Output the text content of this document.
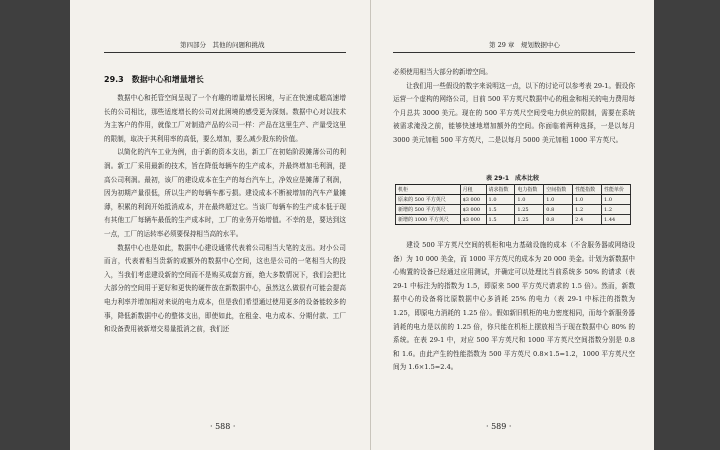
第四部分　其他的问题和挑战
29.3　数据中心和增量增长

数据中心和托管空间呈现了一个有趣的增量增长困境，与正在快速成超高速增长的公司相比，那些适度增长的公司对此困境的感受更为深刻。数据中心对以技术为主客户的作用，就像工厂对制造产品的公司一样：产品在这里生产、产量受这里的限制，取决于其利用率的高低，要么增加，要么减少股东的价值。

以简化的汽车工业为例，由于新的资本支出，新工厂在初始阶段摊薄公司的利润。新工厂采用最新的技术，旨在降低每辆车的生产成本，并最终增加毛利润，提高公司利润。最初，该厂的建设成本在生产的每台汽车上，净效应是摊薄了利润，因为初期产量很低，所以生产的每辆车都亏损。建设成本不断被增加的汽车产量摊薄，积累的利润开始抵消成本，并在最终超过它。当该厂每辆车的生产成本低于现有其他工厂每辆车最低的生产成本时，工厂的业务开始增值。不幸的是，要达到这一点，工厂的运转率必须要保持相当高的水平。

数据中心也是如此，数据中心建设通常代表着公司相当大笔的支出。对小公司而言，代表着相当贵新的或额外的数据中心空间，这也是公司的一笔相当大的投入，当我们考虑建设新的空间而不是购买成套方面，绝大多数情况下，我们会把比大部分的空间用于更好和更快的硬件放在新数据中心，虽然这么做很有可能会提高电力利率并增加相对来说的电力成本，但是我们希望通过使用更多的设备能较多的事，降低新数据中心的整体支出，即使如此，在租金、电力成本、分期付款、工厂和设备费用被新增交易量抵消之前，我们还

· 588 ·
第 29 章　规划数据中心

必须使用相当大部分的新增空间。

让我们用一些假设的数字来说明这一点，以下的讨论可以参考表 29-1。假设你运营一个虚构的网络公司，目前 500 平方英尺数据中心的租金和相关的电力费用每个月总共 3000 美元。现在的 500 平方英尺空间受电力供应的限制，需要在系统被需求淹没之前，能够快速地增加额外的空间。你面临着两种选择，一是以每月 3000 美元加租 500 平方英尺，二是以每月 5000 美元加租 1000 平方英尺。

表 29-1　成本比较
机柜	月租	请求指数	电力指数	空间指数	性能指数	性能单价
原来的 500 平方英尺	$3 000	1.0	1.0	1.0	1.0	1.0
新增的 500 平方英尺	$3 000	1.5	1.25	0.8	1.2	1.2
新增的 1000 平方英尺	$3 000	1.5	1.25	0.8	2.4	1.44

建设 500 平方英尺空间的机柜和电力基础设施的成本（不含服务器或网络设备）为 10 000 美金，而 1000 平方英尺的成本为 20 000 美金。计划为新数据中心购置的设备已经通过应用测试，并确定可以处理比当前系统多 50% 的请求（表 29-1 中标注为的指数为 1.5，即原来 500 平方英尺请求的 1.5 倍）。然而，新数据中心的设备将比原数据中心多消耗 25% 的电力（表 29-1 中标注的指数为 1.25，即原电力消耗的 1.25 倍）。假如新旧机柜的电力密度相同，而每个新服务器消耗的电力是以前的 1.25 倍，你只能在机柜上摆放相当于现在数据中心 80% 的系统。在表 29-1 中，对应 500 平方英尺和 1000 平方英尺空间指数分别是 0.8 和 1.6。由此产生的性能指数为 500 平方英尺 0.8×1.5=1.2，1000 平方英尺空间为 1.6×1.5=2.4。

· 589 ·
